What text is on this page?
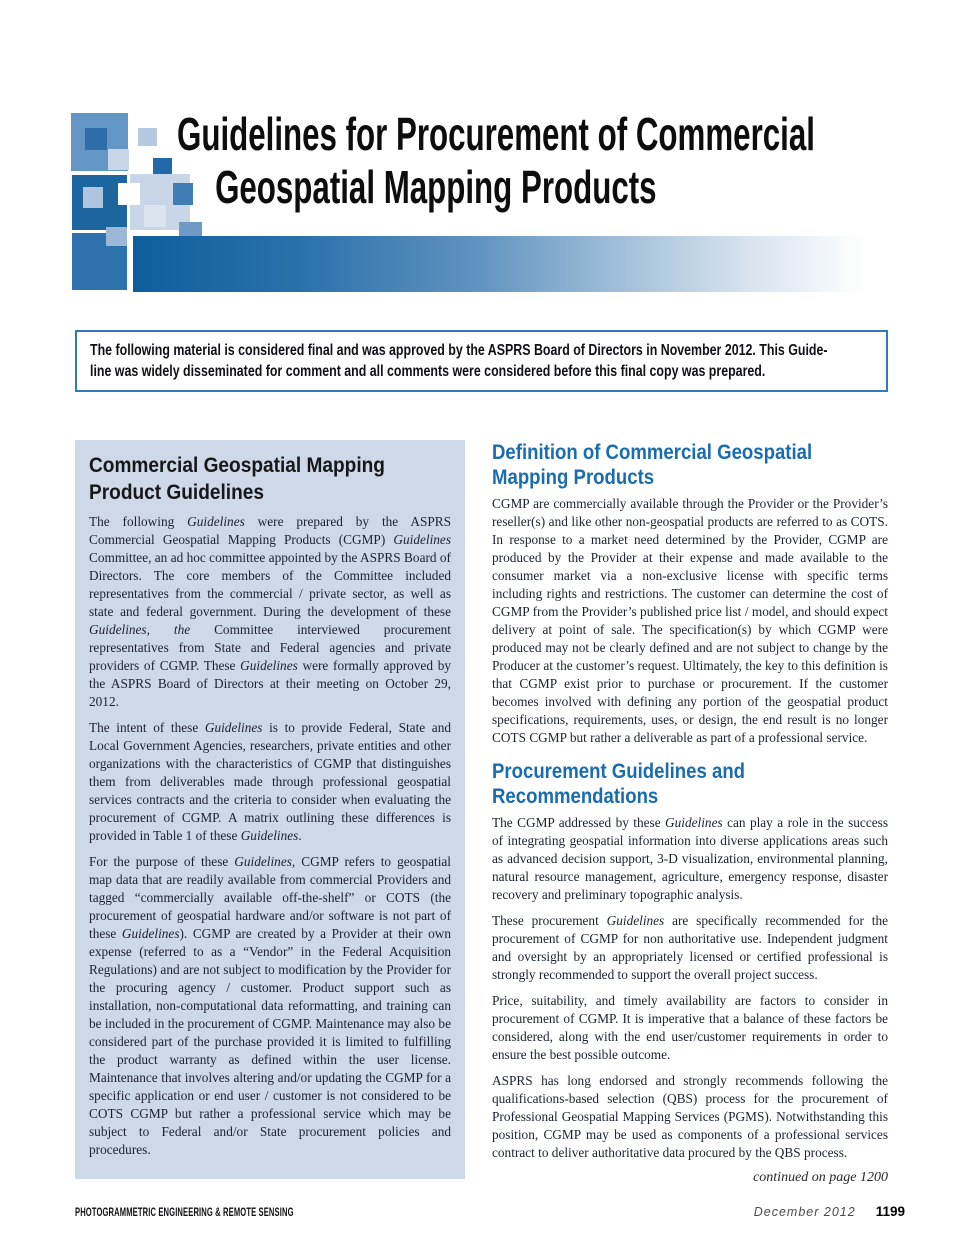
Guidelines for Procurement of Commercial
Geospatial Mapping Products
The following material is considered final and was approved by the ASPRS Board of Directors in November 2012. This Guide-
line was widely disseminated for comment and all comments were considered before this final copy was prepared.
Commercial Geospatial Mapping Product Guidelines

The following Guidelines were prepared by the ASPRS Commercial Geospatial Mapping Products (CGMP) Guidelines Committee, an ad hoc committee appointed by the ASPRS Board of Directors. The core members of the Committee included representatives from the commercial / private sector, as well as state and federal government. During the development of these Guidelines, the Committee interviewed procurement representatives from State and Federal agencies and private providers of CGMP. These Guidelines were formally approved by the ASPRS Board of Directors at their meeting on October 29, 2012.

The intent of these Guidelines is to provide Federal, State and Local Government Agencies, researchers, private entities and other organizations with the characteristics of CGMP that distinguishes them from deliverables made through professional geospatial services contracts and the criteria to consider when evaluating the procurement of CGMP. A matrix outlining these differences is provided in Table 1 of these Guidelines.

For the purpose of these Guidelines, CGMP refers to geospatial map data that are readily available from commercial Providers and tagged “commercially available off-the-shelf” or COTS (the procurement of geospatial hardware and/or software is not part of these Guidelines). CGMP are created by a Provider at their own expense (referred to as a “Vendor” in the Federal Acquisition Regulations) and are not subject to modification by the Provider for the procuring agency / customer. Product support such as installation, non-computational data reformatting, and training can be included in the procurement of CGMP. Maintenance may also be considered part of the purchase provided it is limited to fulfilling the product warranty as defined within the user license. Maintenance that involves altering and/or updating the CGMP for a specific application or end user / customer is not considered to be COTS CGMP but rather a professional service which may be subject to Federal and/or State procurement policies and procedures.

Definition of Commercial Geospatial Mapping Products

CGMP are commercially available through the Provider or the Provider’s reseller(s) and like other non-geospatial products are referred to as COTS. In response to a market need determined by the Provider, CGMP are produced by the Provider at their expense and made available to the consumer market via a non-exclusive license with specific terms including rights and restrictions. The customer can determine the cost of CGMP from the Provider’s published price list / model, and should expect delivery at point of sale. The specification(s) by which CGMP were produced may not be clearly defined and are not subject to change by the Producer at the customer’s request. Ultimately, the key to this definition is that CGMP exist prior to purchase or procurement. If the customer becomes involved with defining any portion of the geospatial product specifications, requirements, uses, or design, the end result is no longer COTS CGMP but rather a deliverable as part of a professional service.

Procurement Guidelines and Recommendations

The CGMP addressed by these Guidelines can play a role in the success of integrating geospatial information into diverse applications areas such as advanced decision support, 3-D visualization, environmental planning, natural resource management, agriculture, emergency response, disaster recovery and preliminary topographic analysis.

These procurement Guidelines are specifically recommended for the procurement of CGMP for non authoritative use. Independent judgment and oversight by an appropriately licensed or certified professional is strongly recommended to support the overall project success.

Price, suitability, and timely availability are factors to consider in procurement of CGMP. It is imperative that a balance of these factors be considered, along with the end user/customer requirements in order to ensure the best possible outcome.

ASPRS has long endorsed and strongly recommends following the qualifications-based selection (QBS) process for the procurement of Professional Geospatial Mapping Services (PGMS). Notwithstanding this position, CGMP may be used as components of a professional services contract to deliver authoritative data procured by the QBS process.

continued on page 1200
PHOTOGRAMMETRIC ENGINEERING & REMOTE SENSING	December 2012 1199
